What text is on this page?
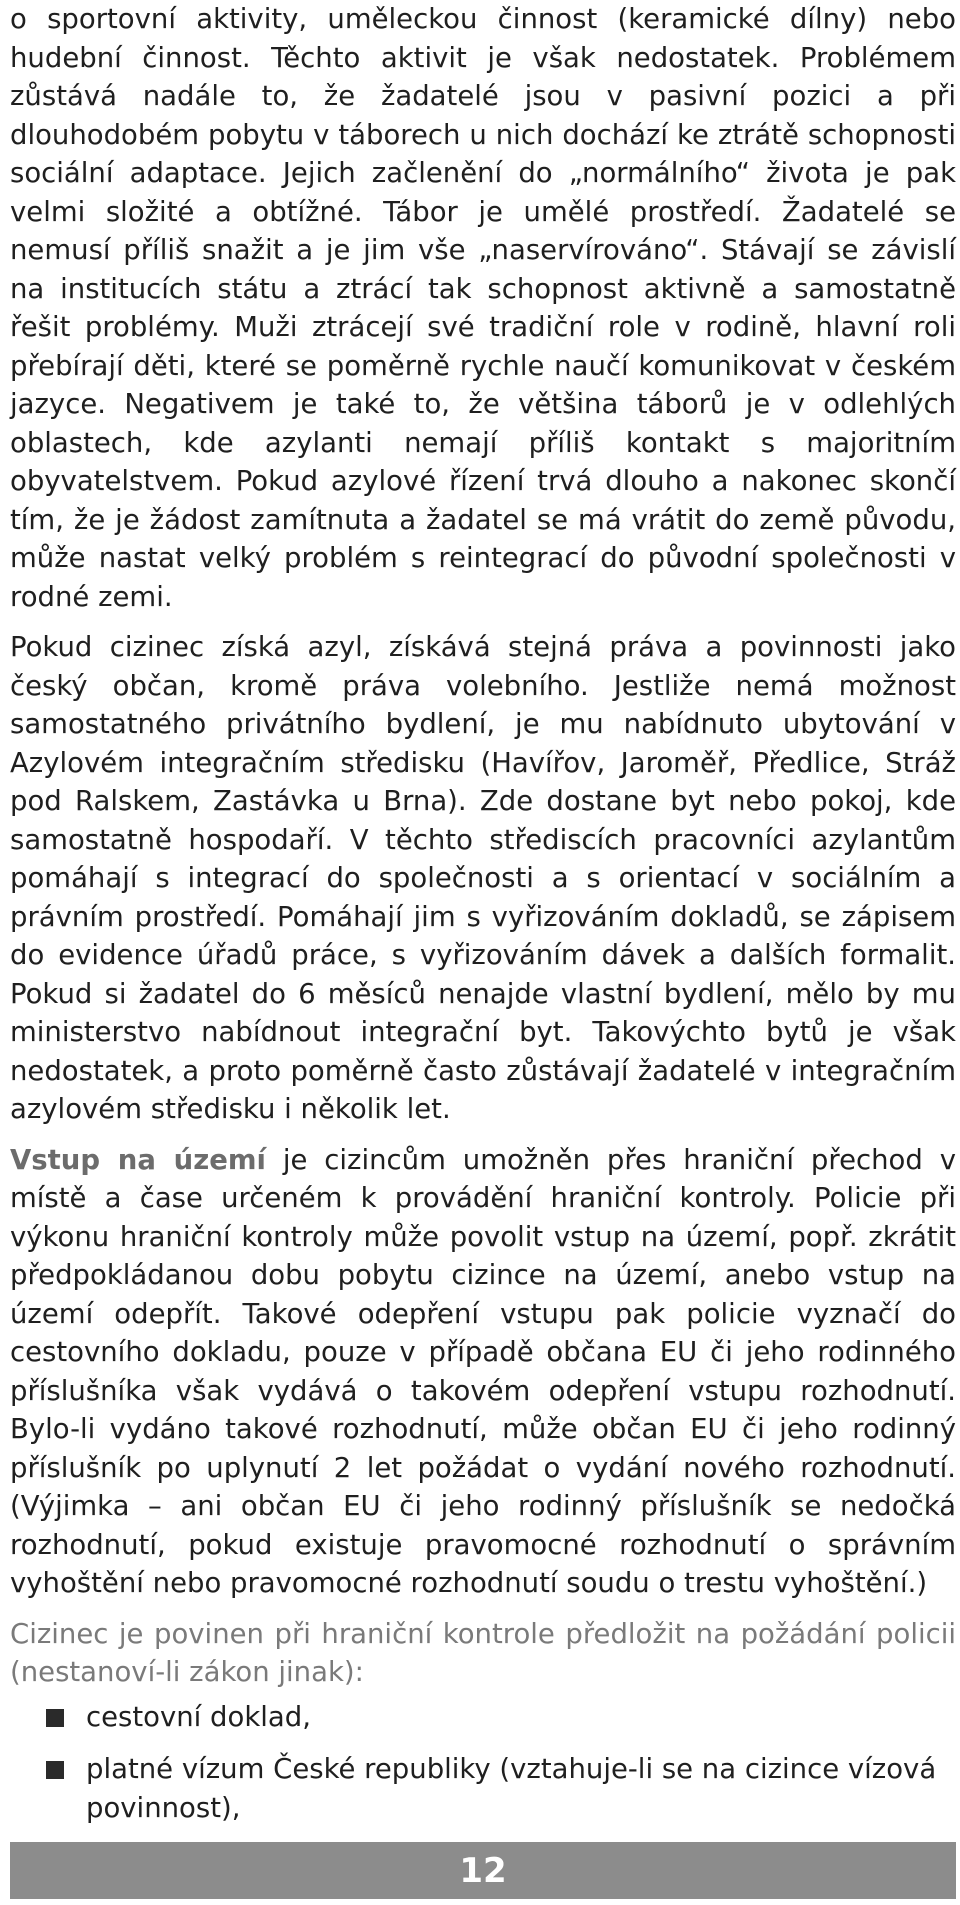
o sportovní aktivity, uměleckou činnost (keramické dílny) nebo hudební činnost. Těchto aktivit je však nedostatek. Problémem zůstává nadále to, že žadatelé jsou v pasivní pozici a při dlouhodobém pobytu v táborech u nich dochází ke ztrátě schopnosti sociální adaptace. Jejich začlenění do „normálního“ života je pak velmi složité a obtížné. Tábor je umělé prostředí. Žadatelé se nemusí příliš snažit a je jim vše „naservírováno“. Stávají se závislí na institucích státu a ztrácí tak schopnost aktivně a samostatně řešit problémy. Muži ztrácejí své tradiční role v rodině, hlavní roli přebírají děti, které se poměrně rychle naučí komunikovat v českém jazyce. Negativem je také to, že většina táborů je v odlehlých oblastech, kde azylanti nemají příliš kontakt s majoritním obyvatelstvem. Pokud azylové řízení trvá dlouho a nakonec skončí tím, že je žádost zamítnuta a žadatel se má vrátit do země původu, může nastat velký problém s reintegrací do původní společnosti v rodné zemi.

Pokud cizinec získá azyl, získává stejná práva a povinnosti jako český občan, kromě práva volebního. Jestliže nemá možnost samostatného privátního bydlení, je mu nabídnuto ubytování v Azylovém integračním středisku (Havířov, Jaroměř, Předlice, Stráž pod Ralskem, Zastávka u Brna). Zde dostane byt nebo pokoj, kde samostatně hospodaří. V těchto střediscích pracovníci azylantům pomáhají s integrací do společnosti a s orientací v sociálním a právním prostředí. Pomáhají jim s vyřizováním dokladů, se zápisem do evidence úřadů práce, s vyřizováním dávek a dalších formalit. Pokud si žadatel do 6 měsíců nenajde vlastní bydlení, mělo by mu ministerstvo nabídnout integrační byt. Takovýchto bytů je však nedostatek, a proto poměrně často zůstávají žadatelé v integračním azylovém středisku i několik let.

Vstup na území je cizincům umožněn přes hraniční přechod v místě a čase určeném k provádění hraniční kontroly. Policie při výkonu hraniční kontroly může povolit vstup na území, popř. zkrátit předpokládanou dobu pobytu cizince na území, anebo vstup na území odepřít. Takové odepření vstupu pak policie vyznačí do cestovního dokladu, pouze v případě občana EU či jeho rodinného příslušníka však vydává o takovém odepření vstupu rozhodnutí. Bylo-li vydáno takové rozhodnutí, může občan EU či jeho rodinný příslušník po uplynutí 2 let požádat o vydání nového rozhodnutí. (Výjimka – ani občan EU či jeho rodinný příslušník se nedočká rozhodnutí, pokud existuje pravomocné rozhodnutí o správním vyhoštění nebo pravomocné rozhodnutí soudu o trestu vyhoštění.)

Cizinec je povinen při hraniční kontrole předložit na požádání policii (nestanoví-li zákon jinak):

cestovní doklad,
platné vízum České republiky (vztahuje-li se na cizince vízová povinnost),
12
